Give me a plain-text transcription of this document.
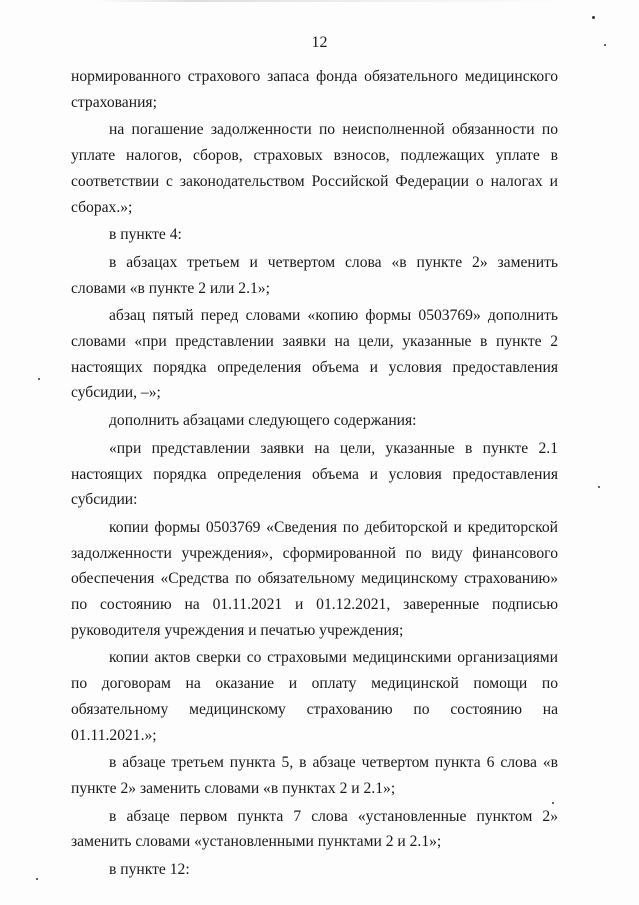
12

нормированного страхового запаса фонда обязательного медицинского страхования;

на погашение задолженности по неисполненной обязанности по уплате налогов, сборов, страховых взносов, подлежащих уплате в соответствии с законодательством Российской Федерации о налогах и сборах.»;

в пункте 4:

в абзацах третьем и четвертом слова «в пункте 2» заменить словами «в пункте 2 или 2.1»;

абзац пятый перед словами «копию формы 0503769» дополнить словами «при представлении заявки на цели, указанные в пункте 2 настоящих порядка определения объема и условия предоставления субсидии, –»;

дополнить абзацами следующего содержания:

«при представлении заявки на цели, указанные в пункте 2.1 настоящих порядка определения объема и условия предоставления субсидии:

копии формы 0503769 «Сведения по дебиторской и кредиторской задолженности учреждения», сформированной по виду финансового обеспечения «Средства по обязательному медицинскому страхованию» по состоянию на 01.11.2021 и 01.12.2021, заверенные подписью руководителя учреждения и печатью учреждения;

копии актов сверки со страховыми медицинскими организациями по договорам на оказание и оплату медицинской помощи по обязательному медицинскому страхованию по состоянию на 01.11.2021.»;

в абзаце третьем пункта 5, в абзаце четвертом пункта 6 слова «в пункте 2» заменить словами «в пунктах 2 и 2.1»;

в абзаце первом пункта 7 слова «установленные пунктом 2» заменить словами «установленными пунктами 2 и 2.1»;

в пункте 12:
